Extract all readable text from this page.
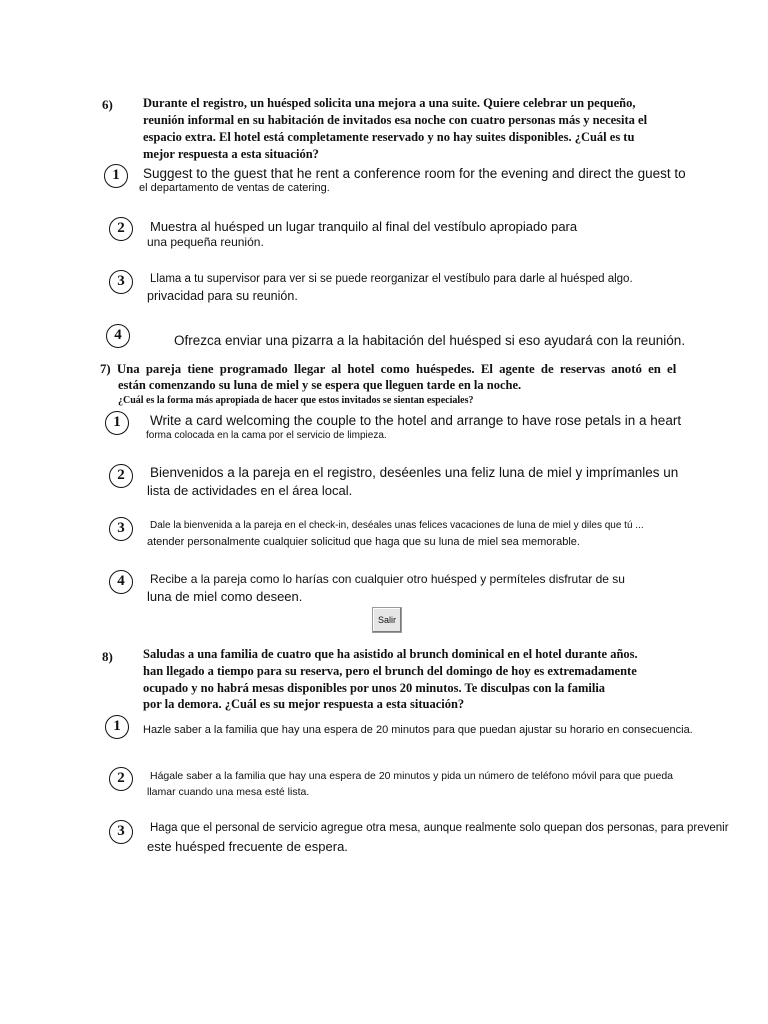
6) Durante el registro, un huésped solicita una mejora a una suite. Quiere celebrar un pequeño,
reunión informal en su habitación de invitados esa noche con cuatro personas más y necesita el
espacio extra. El hotel está completamente reservado y no hay suites disponibles. ¿Cuál es tu
mejor respuesta a esta situación?
1	Suggest to the guest that he rent a conference room for the evening and direct the guest to
el departamento de ventas de catering.
2	Muestra al huésped un lugar tranquilo al final del vestíbulo apropiado para
una pequeña reunión.
3	Llama a tu supervisor para ver si se puede reorganizar el vestíbulo para darle al huésped algo.
privacidad para su reunión.
4	Ofrezca enviar una pizarra a la habitación del huésped si eso ayudará con la reunión.
7) Una pareja tiene programado llegar al hotel como huéspedes. El agente de reservas anotó en el
están comenzando su luna de miel y se espera que lleguen tarde en la noche.
¿Cuál es la forma más apropiada de hacer que estos invitados se sientan especiales?
1	Write a card welcoming the couple to the hotel and arrange to have rose petals in a heart
forma colocada en la cama por el servicio de limpieza.
2	Bienvenidos a la pareja en el registro, deséenles una feliz luna de miel y imprímanles un
lista de actividades en el área local.
3	Dale la bienvenida a la pareja en el check-in, deséales unas felices vacaciones de luna de miel y diles que tú ...
atender personalmente cualquier solicitud que haga que su luna de miel sea memorable.
4	Recibe a la pareja como lo harías con cualquier otro huésped y permíteles disfrutar de su
luna de miel como deseen.
Salir
8) Saludas a una familia de cuatro que ha asistido al brunch dominical en el hotel durante años.
han llegado a tiempo para su reserva, pero el brunch del domingo de hoy es extremadamente
ocupado y no habrá mesas disponibles por unos 20 minutos. Te disculpas con la familia
por la demora. ¿Cuál es su mejor respuesta a esta situación?
1	Hazle saber a la familia que hay una espera de 20 minutos para que puedan ajustar su horario en consecuencia.
2	Hágale saber a la familia que hay una espera de 20 minutos y pida un número de teléfono móvil para que pueda
llamar cuando una mesa esté lista.
3	Haga que el personal de servicio agregue otra mesa, aunque realmente solo quepan dos personas, para prevenir
este huésped frecuente de espera.
